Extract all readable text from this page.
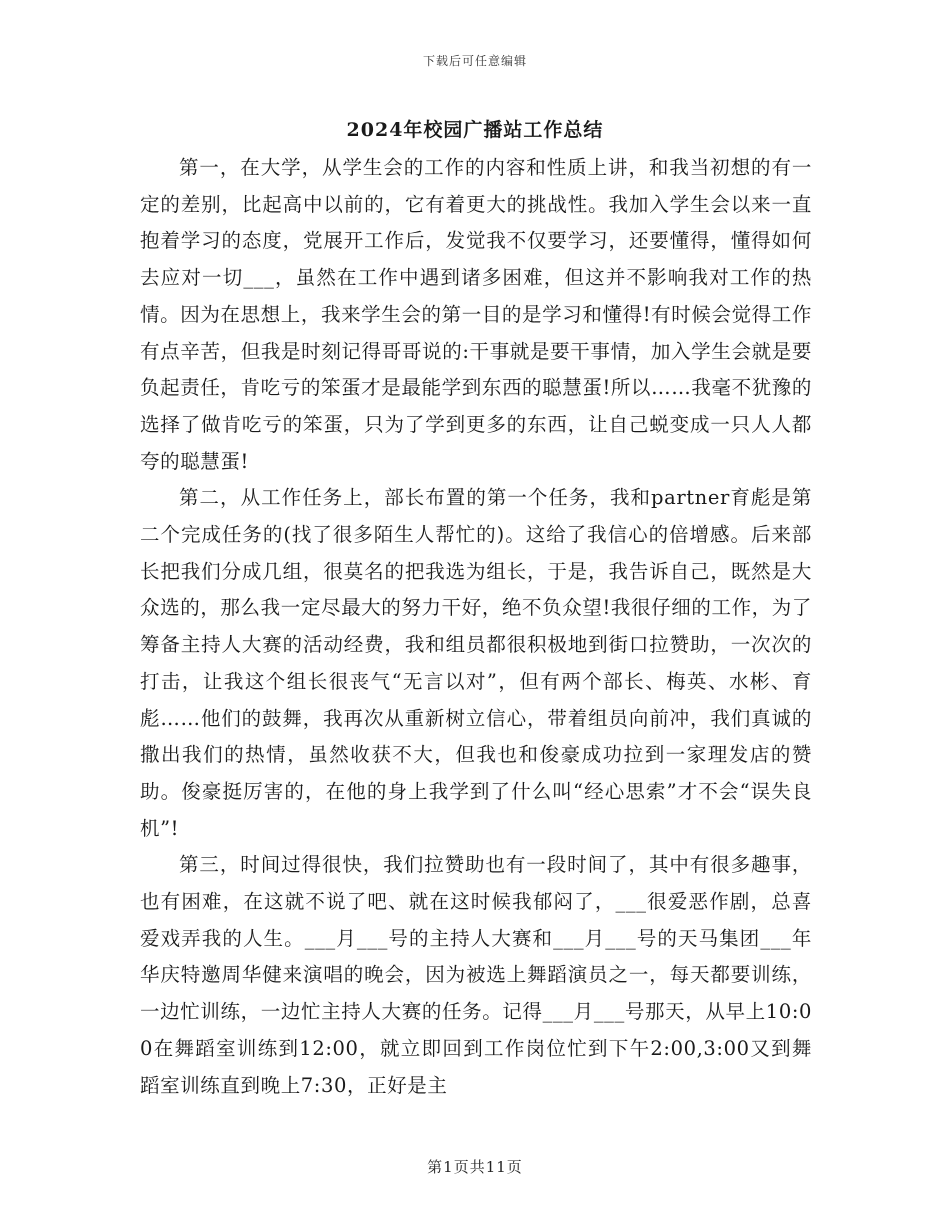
下载后可任意编辑
2024年校园广播站工作总结

第一，在大学，从学生会的工作的内容和性质上讲，和我当初想的有一定的差别，比起高中以前的，它有着更大的挑战性。我加入学生会以来一直抱着学习的态度，党展开工作后，发觉我不仅要学习，还要懂得，懂得如何去应对一切___，虽然在工作中遇到诸多困难，但这并不影响我对工作的热情。因为在思想上，我来学生会的第一目的是学习和懂得!有时候会觉得工作有点辛苦，但我是时刻记得哥哥说的:干事就是要干事情，加入学生会就是要负起责任，肯吃亏的笨蛋才是最能学到东西的聪慧蛋!所以……我毫不犹豫的选择了做肯吃亏的笨蛋，只为了学到更多的东西，让自己蜕变成一只人人都夸的聪慧蛋!

第二，从工作任务上，部长布置的第一个任务，我和partner育彪是第二个完成任务的(找了很多陌生人帮忙的)。这给了我信心的倍增感。后来部长把我们分成几组，很莫名的把我选为组长，于是，我告诉自己，既然是大众选的，那么我一定尽最大的努力干好，绝不负众望!我很仔细的工作，为了筹备主持人大赛的活动经费，我和组员都很积极地到街口拉赞助，一次次的打击，让我这个组长很丧气“无言以对”，但有两个部长、梅英、水彬、育彪……他们的鼓舞，我再次从重新树立信心，带着组员向前冲，我们真诚的撒出我们的热情，虽然收获不大，但我也和俊豪成功拉到一家理发店的赞助。俊豪挺厉害的，在他的身上我学到了什么叫“经心思索”才不会“误失良机”!

第三，时间过得很快，我们拉赞助也有一段时间了，其中有很多趣事，也有困难，在这就不说了吧、就在这时候我郁闷了，___很爱恶作剧，总喜爱戏弄我的人生。___月___号的主持人大赛和___月___号的天马集团___年华庆特邀周华健来演唱的晚会，因为被选上舞蹈演员之一，每天都要训练，一边忙训练，一边忙主持人大赛的任务。记得___月___号那天，从早上10:00在舞蹈室训练到12:00，就立即回到工作岗位忙到下午2:00,3:00又到舞蹈室训练直到晚上7:30，正好是主

第1页共11页
